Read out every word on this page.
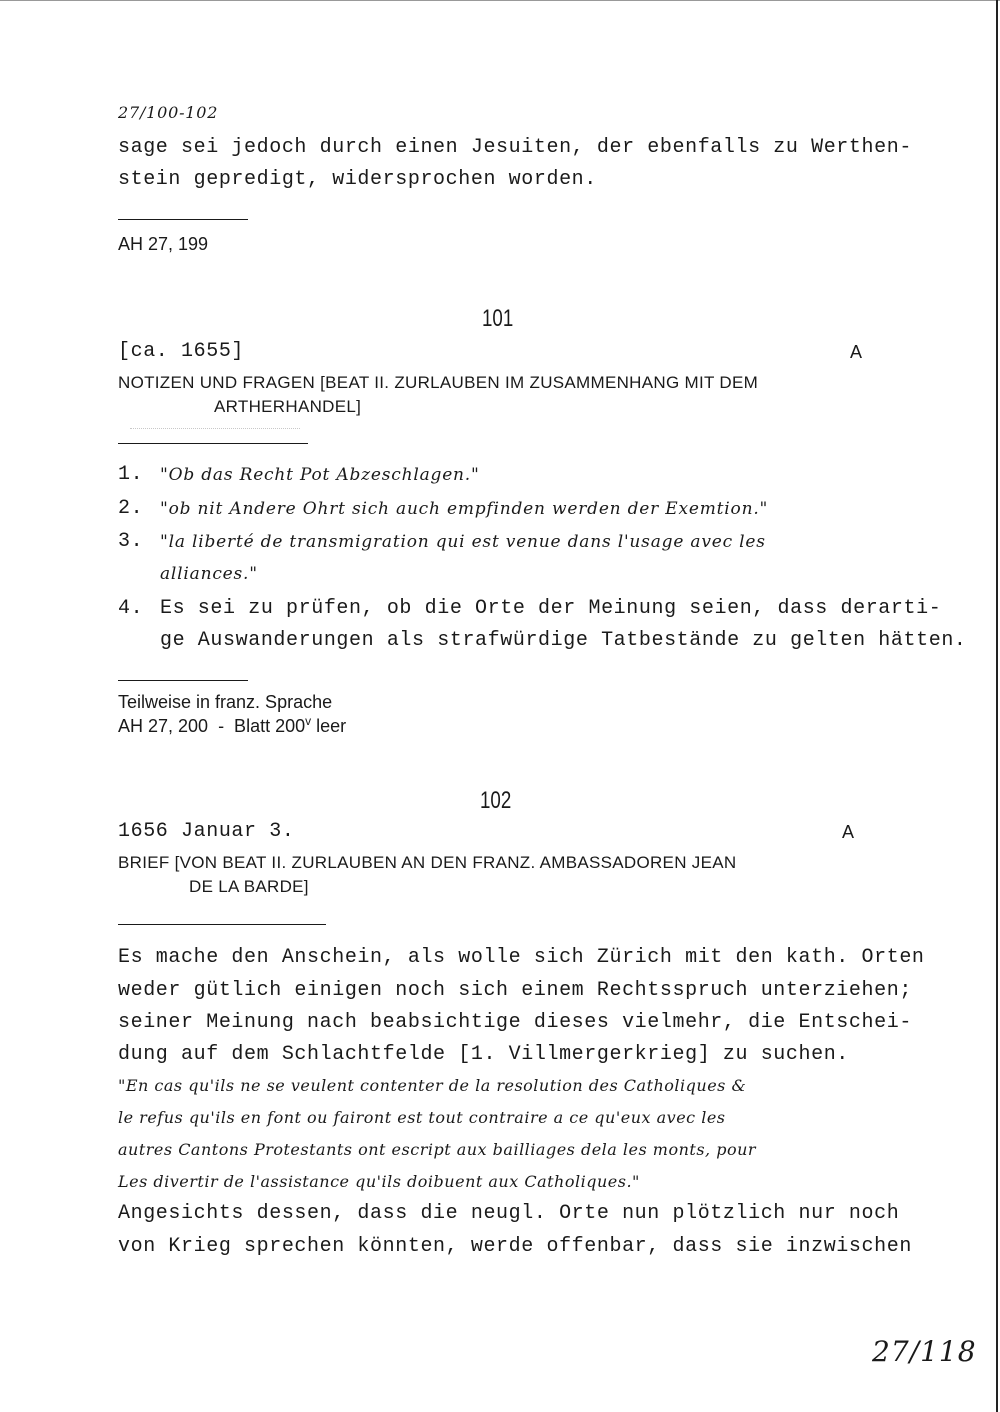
27/100-102
sage sei jedoch durch einen Jesuiten, der ebenfalls zu Werthen-
stein gepredigt, widersprochen worden.
AH 27, 199
101
[ca. 1655]	A
NOTIZEN UND FRAGEN [BEAT II. ZURLAUBEN IM ZUSAMMENHANG MIT DEM
ARTHERHANDEL]
1. "Ob das Recht Pot Abzeschlagen."
2. "ob nit Andere Ohrt sich auch empfinden werden der Exemtion."
3. "la liberté de transmigration qui est venue dans l'usage avec les
alliances."
4. Es sei zu prüfen, ob die Orte der Meinung seien, dass derarti-
ge Auswanderungen als strafwürdige Tatbestände zu gelten hätten.
Teilweise in franz. Sprache
AH 27, 200  -  Blatt 200$^v$ leer
102
1656 Januar 3.	A
BRIEF [VON BEAT II. ZURLAUBEN AN DEN FRANZ. AMBASSADOREN JEAN
DE LA BARDE]
Es mache den Anschein, als wolle sich Zürich mit den kath. Orten
weder gütlich einigen noch sich einem Rechtsspruch unterziehen;
seiner Meinung nach beabsichtige dieses vielmehr, die Entschei-
dung auf dem Schlachtfelde [1. Villmergerkrieg] zu suchen.
"En cas qu'ils ne se veulent contenter de la resolution des Catholiques &
le refus qu'ils en font ou fairont est tout contraire a ce qu'eux avec les
autres Cantons Protestants ont escript aux bailliages dela les monts, pour
Les divertir de l'assistance qu'ils doibuent aux Catholiques."
Angesichts dessen, dass die neugl. Orte nun plötzlich nur noch
von Krieg sprechen könnten, werde offenbar, dass sie inzwischen
27/118
